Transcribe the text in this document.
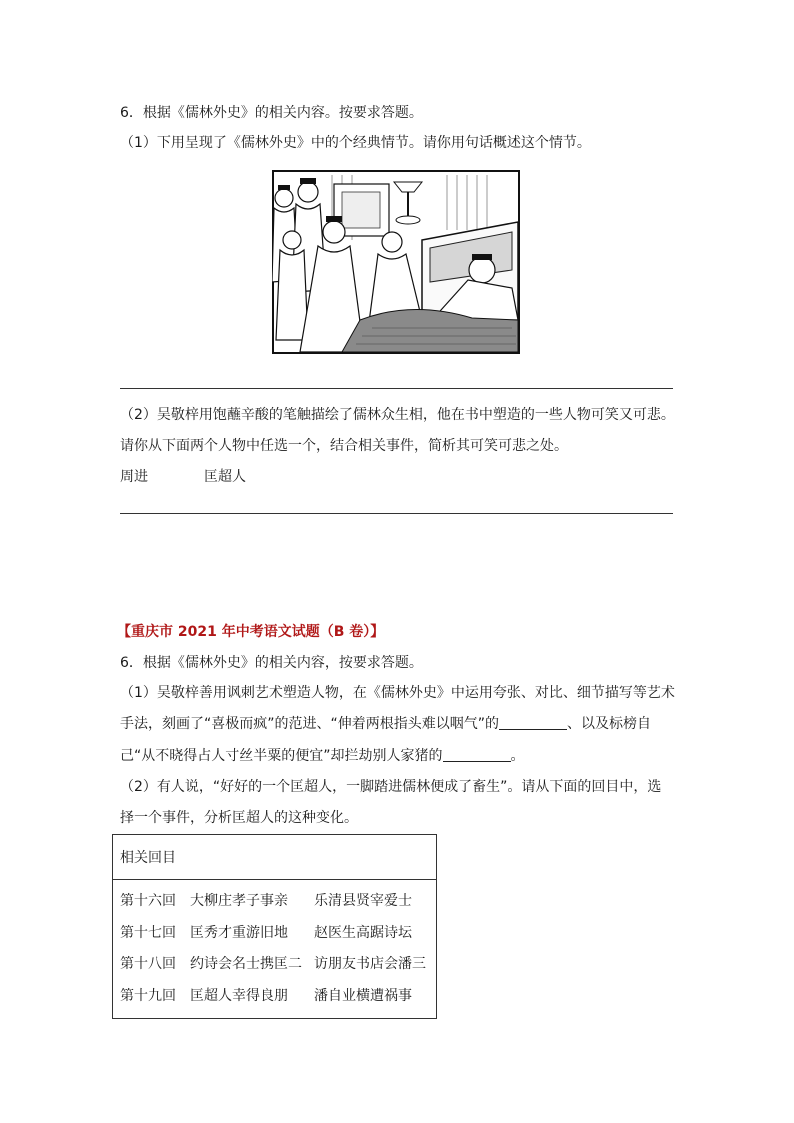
6．根据《儒林外史》的相关内容。按要求答题。
（1）下用呈现了《儒林外史》中的个经典情节。请你用句话概述这个情节。
（2）吴敬梓用饱蘸辛酸的笔触描绘了儒林众生相，他在书中塑造的一些人物可笑又可悲。
请你从下面两个人物中任选一个，结合相关事件，简析其可笑可悲之处。
周进	匡超人
【重庆市 2021 年中考语文试题（B 卷）】
6．根据《儒林外史》的相关内容，按要求答题。
（1）吴敬梓善用讽刺艺术塑造人物，在《儒林外史》中运用夸张、对比、细节描写等艺术
手法，刻画了“喜极而疯”的范进、“伸着两根指头难以咽气”的	、以及标榜自
己“从不晓得占人寸丝半粟的便宜”却拦劫别人家猪的	。
（2）有人说，“好好的一个匡超人，一脚踏进儒林便成了畜生”。请从下面的回目中，选
择一个事件，分析匡超人的这种变化。
相关回目

第十六回 大柳庄孝子事亲 乐清县贤宰爱士
第十七回 匡秀才重游旧地 赵医生高踞诗坛
第十八回 约诗会名士携匡二 访朋友书店会潘三
第十九回 匡超人幸得良朋 潘自业横遭祸事
